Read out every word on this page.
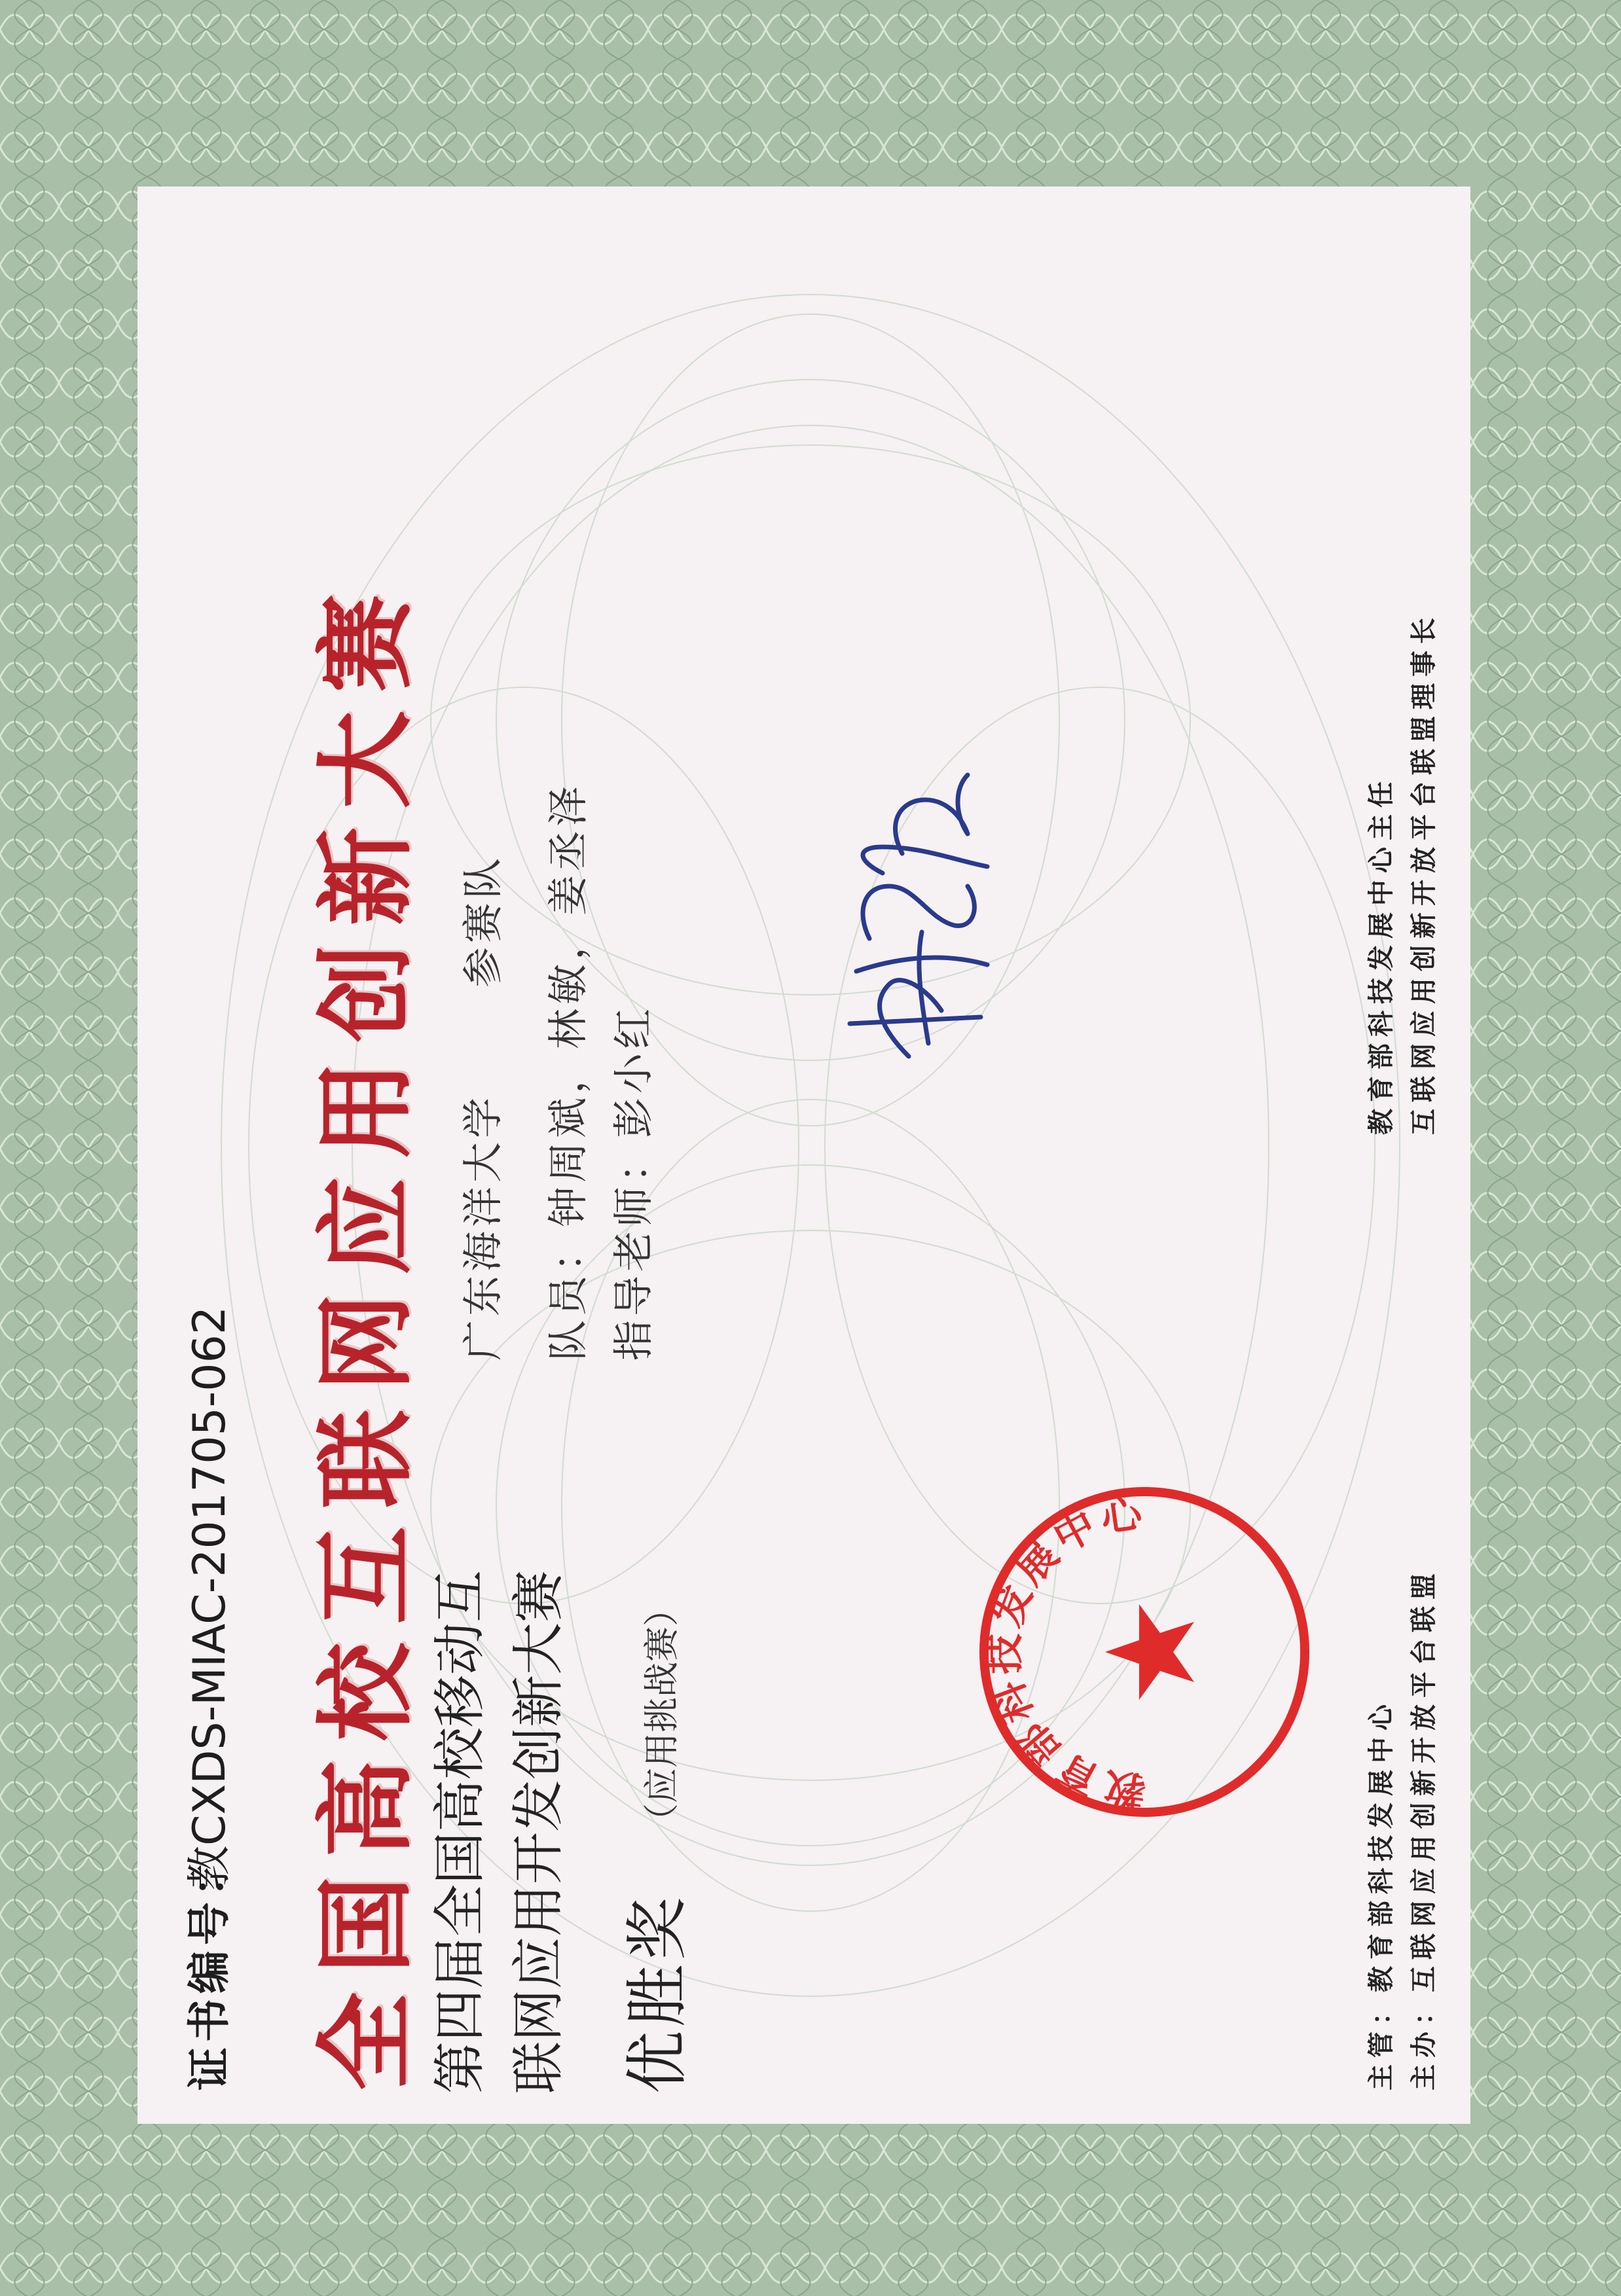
证书编号：
教CXDS-MIAC-201705-062 全国高校互联网应用创新大赛 第四届全国高校移动互 联网应用开发创新大赛 优胜奖
（应用挑战赛）
广东海洋大学
参赛队 队员：钟周斌，林敏，姜丞泽 指导老师：彭小红
教育部科技发展中心
主管：教育部科技发展中心 主办：互联网应用创新开放平台联盟
教育部科技发展中心主任 互联网应用创新开放平台联盟理事长
